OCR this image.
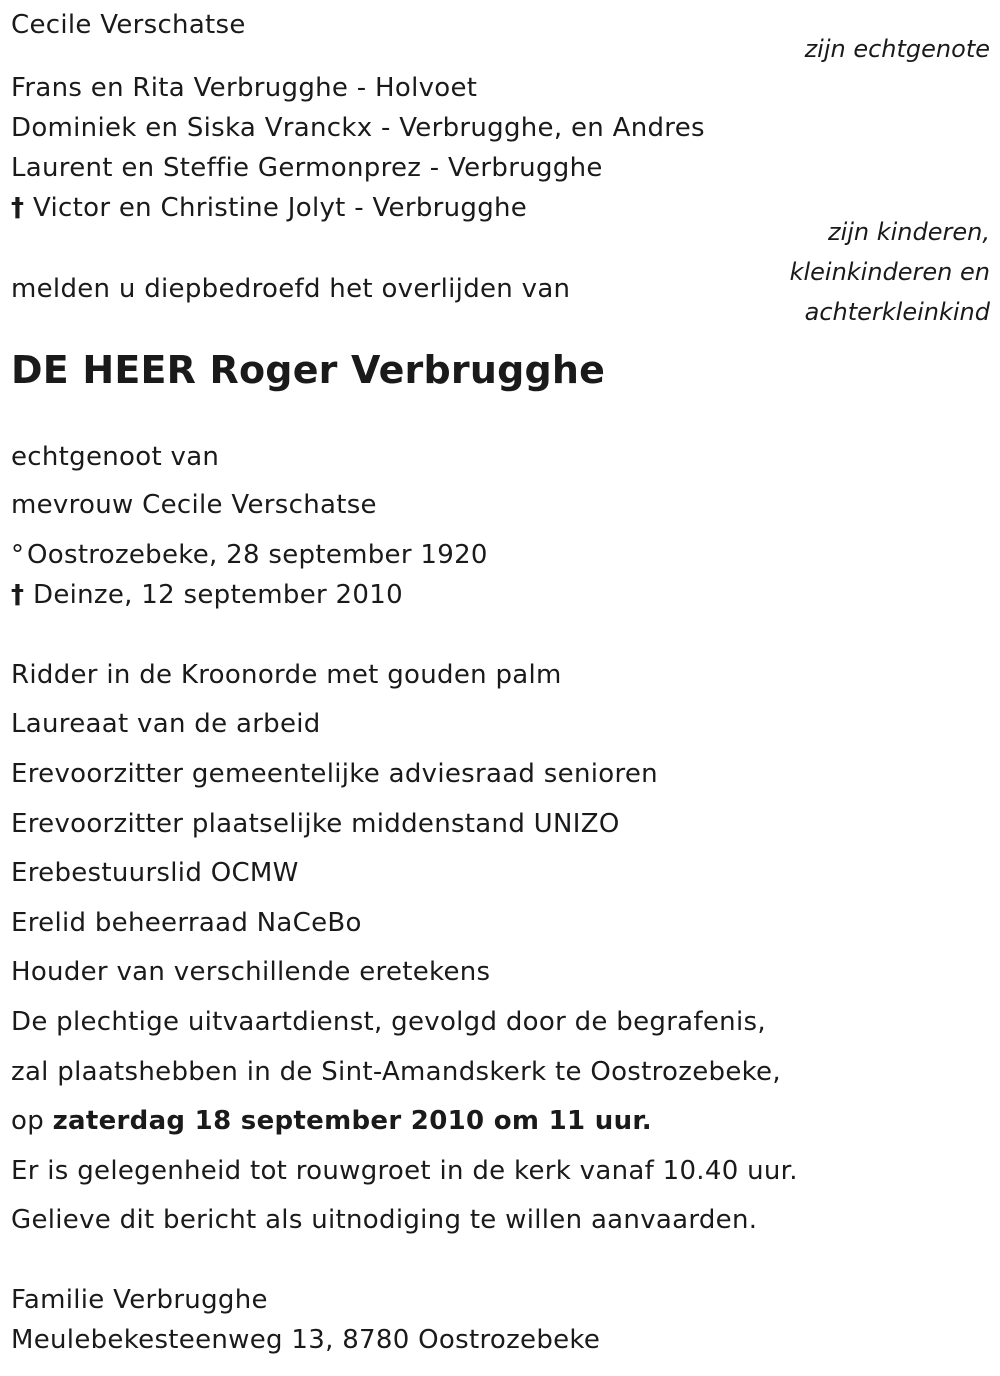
Cecile Verschatse
zijn echtgenote
Frans en Rita Verbrugghe - Holvoet
Dominiek en Siska Vranckx - Verbrugghe, en Andres
Laurent en Steffie Germonprez - Verbrugghe
† Victor en Christine Jolyt - Verbrugghe
zijn kinderen,
kleinkinderen en
achterkleinkind
melden u diepbedroefd het overlijden van
DE HEER Roger Verbrugghe
echtgenoot van
mevrouw Cecile Verschatse
° Oostrozebeke, 28 september 1920
† Deinze, 12 september 2010
Ridder in de Kroonorde met gouden palm
Laureaat van de arbeid
Erevoorzitter gemeentelijke adviesraad senioren
Erevoorzitter plaatselijke middenstand UNIZO
Erebestuurslid OCMW
Erelid beheerraad NaCeBo
Houder van verschillende eretekens
De plechtige uitvaartdienst, gevolgd door de begrafenis,
zal plaatshebben in de Sint-Amandskerk te Oostrozebeke,
op zaterdag 18 september 2010 om 11 uur.
Er is gelegenheid tot rouwgroet in de kerk vanaf 10.40 uur.
Gelieve dit bericht als uitnodiging te willen aanvaarden.
Familie Verbrugghe
Meulebekesteenweg 13, 8780 Oostrozebeke
